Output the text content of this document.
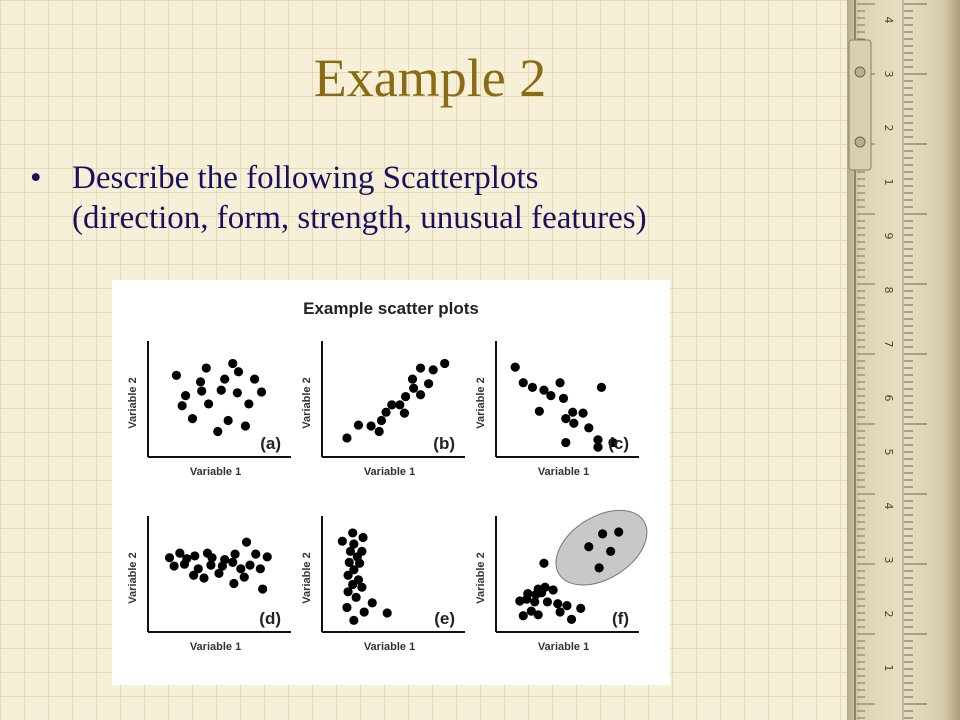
Example 2
• Describe the following Scatterplots
(direction, form, strength, unusual features)
Example scatter plots
Variable 1
Variable 2
(a)
Variable 1
Variable 2
(b)
Variable 1
Variable 2
(c)
Variable 1
Variable 2
(d)
Variable 1
Variable 2
(e)
Variable 1
Variable 2
(f)
4
3
2
1
9
8
7
6
5
4
3
2
1
